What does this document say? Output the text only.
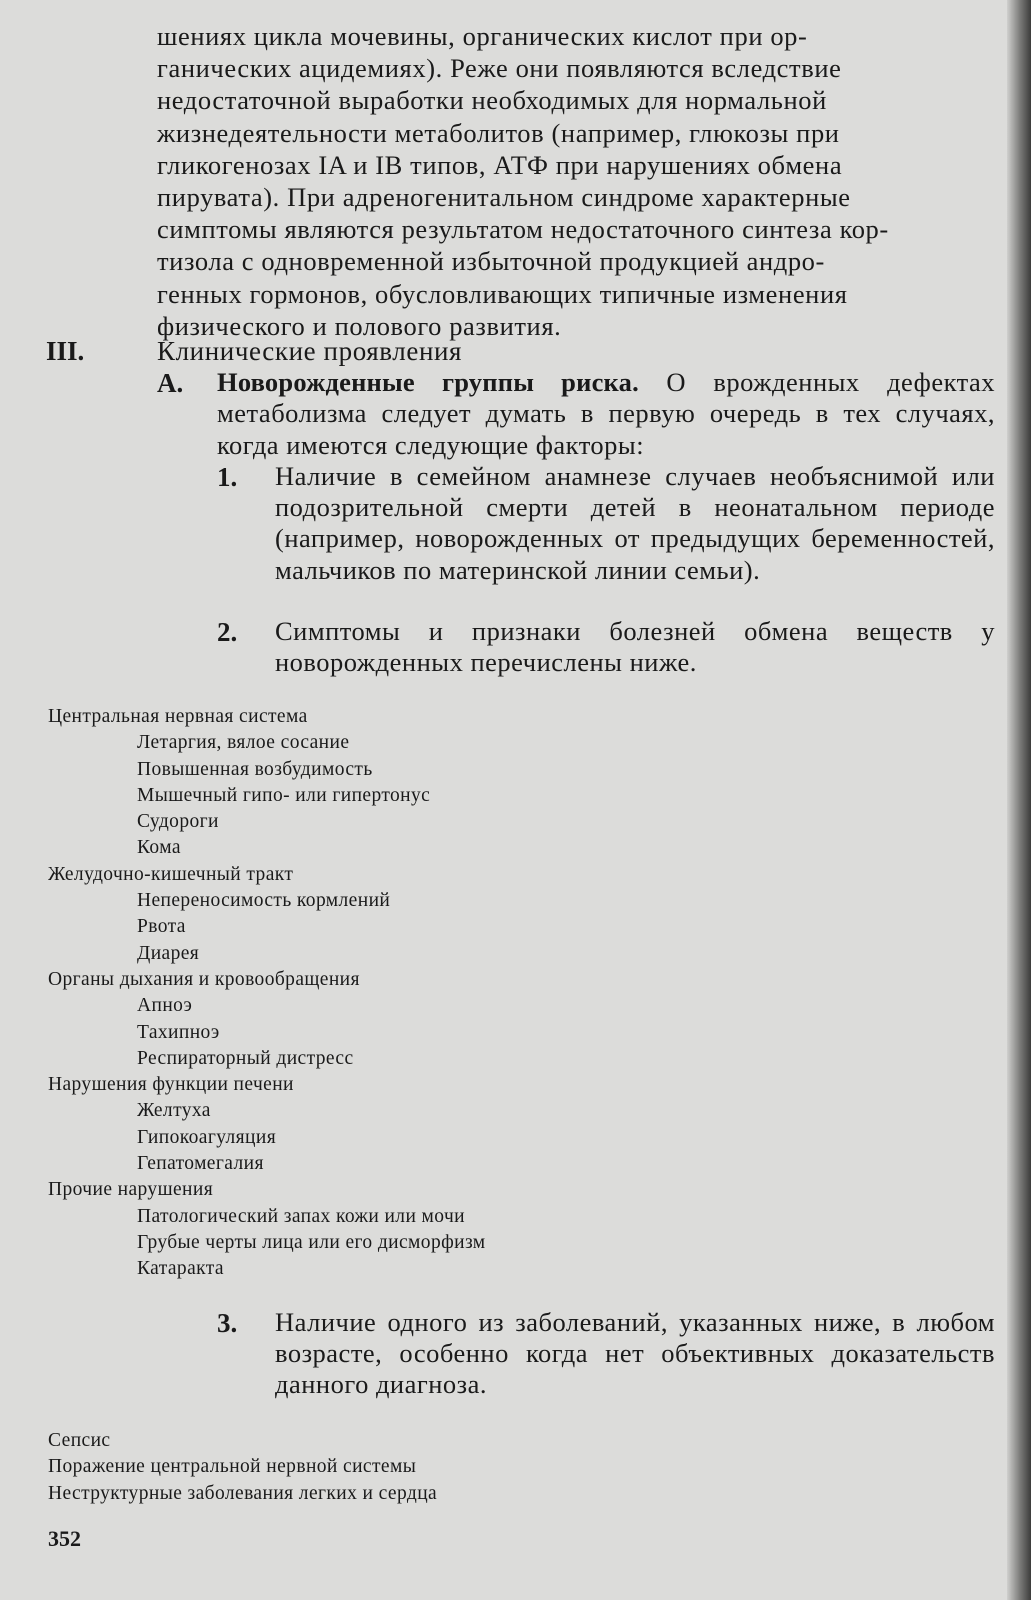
шениях цикла мочевины, органических кислот при ор-
ганических ацидемиях). Реже они появляются вследствие
недостаточной выработки необходимых для нормальной
жизнедеятельности метаболитов (например, глюкозы при
гликогенозах IA и IB типов, АТФ при нарушениях обмена
пирувата). При адреногенитальном синдроме характерные
симптомы являются результатом недостаточного синтеза кор-
тизола с одновременной избыточной продукцией андро-
генных гормонов, обусловливающих типичные изменения
физического и полового развития.
III.	Клинические проявления
А. Новорожденные группы риска. О врожденных дефектах метаболизма следует думать в первую очередь в тех случаях, когда имеются следующие факторы:
1. Наличие в семейном анамнезе случаев необъяснимой или подозрительной смерти детей в неонатальном периоде (например, новорожденных от предыдущих беременностей, мальчиков по материнской линии семьи).
2. Симптомы и признаки болезней обмена веществ у новорожденных перечислены ниже.
Центральная нервная система
Летаргия, вялое сосание
Повышенная возбудимость
Мышечный гипо- или гипертонус
Судороги
Кома
Желудочно-кишечный тракт
Непереносимость кормлений
Рвота
Диарея
Органы дыхания и кровообращения
Апноэ
Тахипноэ
Респираторный дистресс
Нарушения функции печени
Желтуха
Гипокоагуляция
Гепатомегалия
Прочие нарушения
Патологический запах кожи или мочи
Грубые черты лица или его дисморфизм
Катаракта
3. Наличие одного из заболеваний, указанных ниже, в любом возрасте, особенно когда нет объективных доказательств данного диагноза.
Сепсис
Поражение центральной нервной системы
Неструктурные заболевания легких и сердца
352
